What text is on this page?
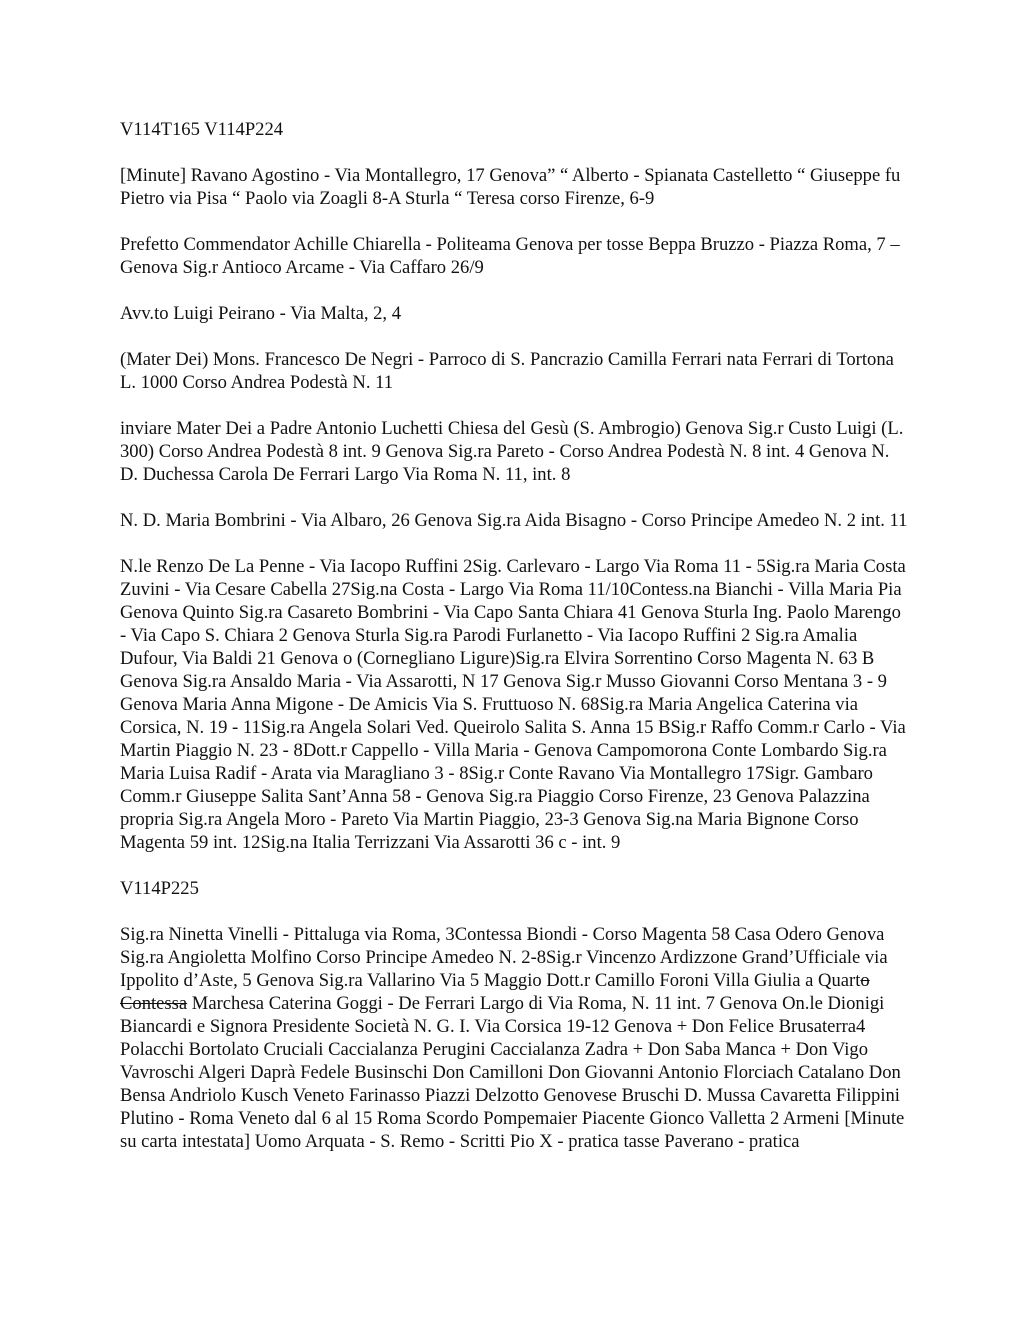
V114T165 V114P224

[Minute] Ravano Agostino - Via Montallegro, 17 Genova” “ Alberto - Spianata Castelletto “ Giuseppe fu Pietro via Pisa “ Paolo via Zoagli 8-A Sturla “ Teresa corso Firenze, 6-9

Prefetto Commendator Achille Chiarella - Politeama Genova per tosse Beppa Bruzzo - Piazza Roma, 7 – Genova Sig.r Antioco Arcame - Via Caffaro 26/9

Avv.to Luigi Peirano - Via Malta, 2, 4

(Mater Dei) Mons. Francesco De Negri - Parroco di S. Pancrazio Camilla Ferrari nata Ferrari di Tortona L. 1000 Corso Andrea Podestà N. 11

inviare Mater Dei a Padre Antonio Luchetti Chiesa del Gesù (S. Ambrogio) Genova Sig.r Custo Luigi (L. 300) Corso Andrea Podestà 8 int. 9 Genova Sig.ra Pareto - Corso Andrea Podestà N. 8 int. 4 Genova N. D. Duchessa Carola De Ferrari Largo Via Roma N. 11, int. 8

N. D. Maria Bombrini - Via Albaro, 26 Genova Sig.ra Aida Bisagno - Corso Principe Amedeo N. 2 int. 11

N.le Renzo De La Penne - Via Iacopo Ruffini 2Sig. Carlevaro - Largo Via Roma 11 - 5Sig.ra Maria Costa Zuvini - Via Cesare Cabella 27Sig.na Costa - Largo Via Roma 11/10Contess.na Bianchi - Villa Maria Pia Genova Quinto Sig.ra Casareto Bombrini - Via Capo Santa Chiara 41 Genova Sturla Ing. Paolo Marengo - Via Capo S. Chiara 2 Genova Sturla Sig.ra Parodi Furlanetto - Via Iacopo Ruffini 2 Sig.ra Amalia Dufour, Via Baldi 21 Genova o (Cornegliano Ligure)Sig.ra Elvira Sorrentino Corso Magenta N. 63 B Genova Sig.ra Ansaldo Maria - Via Assarotti, N 17 Genova Sig.r Musso Giovanni Corso Mentana 3 - 9 Genova Maria Anna Migone - De Amicis Via S. Fruttuoso N. 68Sig.ra Maria Angelica Caterina via Corsica, N. 19 - 11Sig.ra Angela Solari Ved. Queirolo Salita S. Anna 15 BSig.r Raffo Comm.r Carlo - Via Martin Piaggio N. 23 - 8Dott.r Cappello - Villa Maria - Genova Campomorona Conte Lombardo Sig.ra Maria Luisa Radif - Arata via Maragliano 3 - 8Sig.r Conte Ravano Via Montallegro 17Sigr. Gambaro Comm.r Giuseppe Salita Sant’Anna 58 - Genova Sig.ra Piaggio Corso Firenze, 23 Genova Palazzina propria Sig.ra Angela Moro - Pareto Via Martin Piaggio, 23-3 Genova Sig.na Maria Bignone Corso Magenta 59 int. 12Sig.na Italia Terrizzani Via Assarotti 36 c - int. 9

V114P225

Sig.ra Ninetta Vinelli - Pittaluga via Roma, 3Contessa Biondi - Corso Magenta 58 Casa Odero Genova Sig.ra Angioletta Molfino Corso Principe Amedeo N. 2-8Sig.r Vincenzo Ardizzone Grand’Ufficiale via Ippolito d’Aste, 5 Genova Sig.ra Vallarino Via 5 Maggio Dott.r Camillo Foroni Villa Giulia a Quarto Contessa Marchesa Caterina Goggi - De Ferrari Largo di Via Roma, N. 11 int. 7 Genova On.le Dionigi Biancardi e Signora Presidente Società N. G. I. Via Corsica 19-12 Genova + Don Felice Brusaterra4 Polacchi Bortolato Cruciali Caccialanza Perugini Caccialanza Zadra + Don Saba Manca + Don Vigo Vavroschi Algeri Daprà Fedele Businschi Don Camilloni Don Giovanni Antonio Florciach Catalano Don Bensa Andriolo Kusch Veneto Farinasso Piazzi Delzotto Genovese Bruschi D. Mussa Cavaretta Filippini Plutino - Roma Veneto dal 6 al 15 Roma Scordo Pompemaier Piacente Gionco Valletta 2 Armeni [Minute su carta intestata] Uomo Arquata - S. Remo - Scritti Pio X - pratica tasse Paverano - pratica
